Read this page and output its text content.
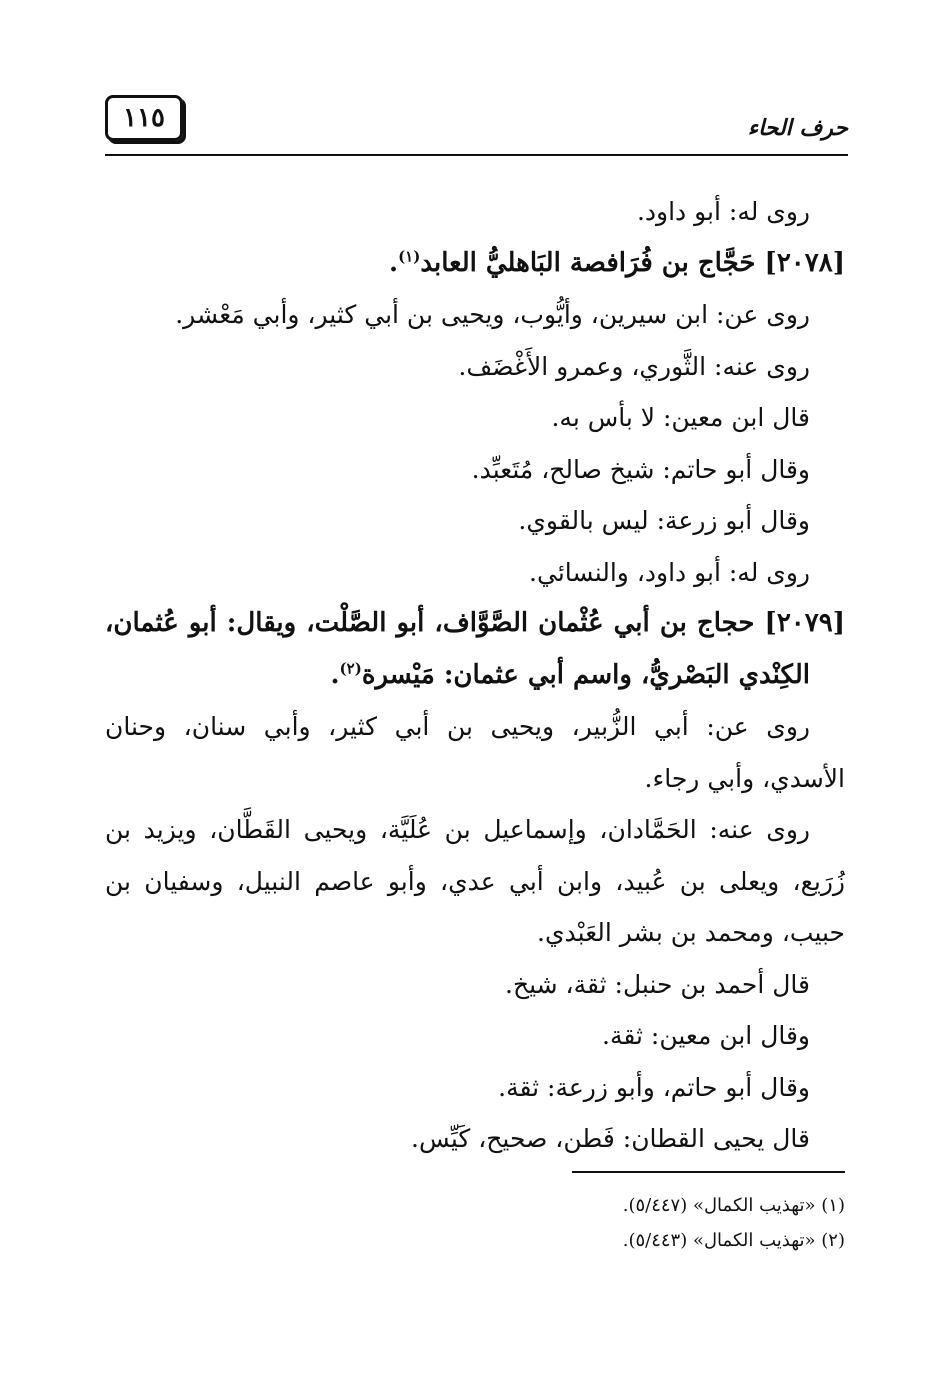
١١٥	حرف الحاء
روى له: أبو داود.
[٢٠٧٨] حَجَّاج بن فُرَافصة البَاهليُّ العابد$^{(١)}$.
روى عن: ابن سيرين، وأيُّوب، ويحيى بن أبي كثير، وأبي مَعْشر.
روى عنه: الثَّوري، وعمرو الأَغْضَف.
قال ابن معين: لا بأس به.
وقال أبو حاتم: شيخ صالح، مُتَعبِّد.
وقال أبو زرعة: ليس بالقوي.
روى له: أبو داود، والنسائي.
[٢٠٧٩] حجاج بن أبي عُثْمان الصَّوَّاف، أبو الصَّلْت، ويقال: أبو عُثمان،
الكِنْدي البَصْريُّ، واسم أبي عثمان: مَيْسرة$^{(٢)}$.
روى عن: أبي الزُّبير، ويحيى بن أبي كثير، وأبي سنان، وحنان
الأسدي، وأبي رجاء.
روى عنه: الحَمَّادان، وإسماعيل بن عُلَيَّة، ويحيى القَطَّان، ويزيد بن
زُرَيع، ويعلى بن عُبيد، وابن أبي عدي، وأبو عاصم النبيل، وسفيان بن
حبيب، ومحمد بن بشر العَبْدي.
قال أحمد بن حنبل: ثقة، شيخ.
وقال ابن معين: ثقة.
وقال أبو حاتم، وأبو زرعة: ثقة.
قال يحيى القطان: فَطن، صحيح، كَيِّس.
(١) «تهذيب الكمال» (٥/٤٤٧).
(٢) «تهذيب الكمال» (٥/٤٤٣).
